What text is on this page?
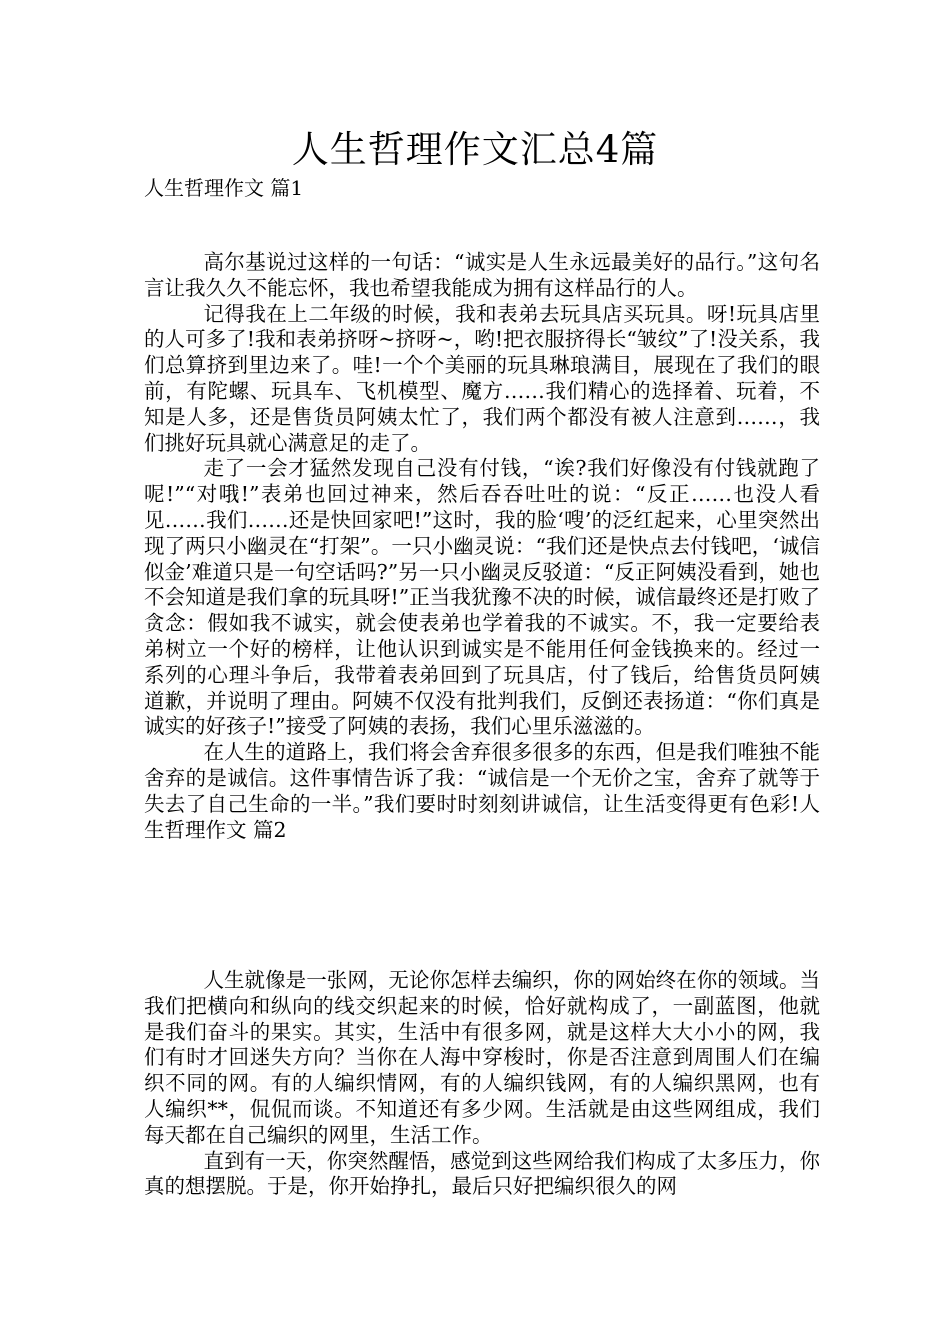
人生哲理作文汇总4篇
人生哲理作文 篇1

高尔基说过这样的一句话：“诚实是人生永远最美好的品行。”这句名言让我久久不能忘怀，我也希望我能成为拥有这样品行的人。

记得我在上二年级的时候，我和表弟去玩具店买玩具。呀!玩具店里的人可多了!我和表弟挤呀~挤呀~，哟!把衣服挤得长“皱纹”了!没关系，我们总算挤到里边来了。哇!一个个美丽的玩具琳琅满目，展现在了我们的眼前，有陀螺、玩具车、飞机模型、魔方……我们精心的选择着、玩着，不知是人多，还是售货员阿姨太忙了，我们两个都没有被人注意到……，我们挑好玩具就心满意足的走了。

走了一会才猛然发现自己没有付钱，“诶?我们好像没有付钱就跑了呢!”“对哦!”表弟也回过神来，然后吞吞吐吐的说：“反正……也没人看见……我们……还是快回家吧!”这时，我的脸‘嗖’的泛红起来，心里突然出现了两只小幽灵在“打架”。一只小幽灵说：“我们还是快点去付钱吧，‘诚信似金’难道只是一句空话吗?”另一只小幽灵反驳道：“反正阿姨没看到，她也不会知道是我们拿的玩具呀!”正当我犹豫不决的时候，诚信最终还是打败了贪念：假如我不诚实，就会使表弟也学着我的不诚实。不，我一定要给表弟树立一个好的榜样，让他认识到诚实是不能用任何金钱换来的。经过一系列的心理斗争后，我带着表弟回到了玩具店，付了钱后，给售货员阿姨道歉，并说明了理由。阿姨不仅没有批判我们，反倒还表扬道：“你们真是诚实的好孩子!”接受了阿姨的表扬，我们心里乐滋滋的。

在人生的道路上，我们将会舍弃很多很多的东西，但是我们唯独不能舍弃的是诚信。这件事情告诉了我：“诚信是一个无价之宝，舍弃了就等于失去了自己生命的一半。”我们要时时刻刻讲诚信，让生活变得更有色彩!人生哲理作文 篇2

人生就像是一张网，无论你怎样去编织，你的网始终在你的领域。当我们把横向和纵向的线交织起来的时候，恰好就构成了，一副蓝图，他就是我们奋斗的果实。其实，生活中有很多网，就是这样大大小小的网，我们有时才回迷失方向？当你在人海中穿梭时，你是否注意到周围人们在编织不同的网。有的人编织情网，有的人编织钱网，有的人编织黑网，也有人编织**，侃侃而谈。不知道还有多少网。生活就是由这些网组成，我们每天都在自己编织的网里，生活工作。

直到有一天，你突然醒悟，感觉到这些网给我们构成了太多压力，你真的想摆脱。于是，你开始挣扎，最后只好把编织很久的网
